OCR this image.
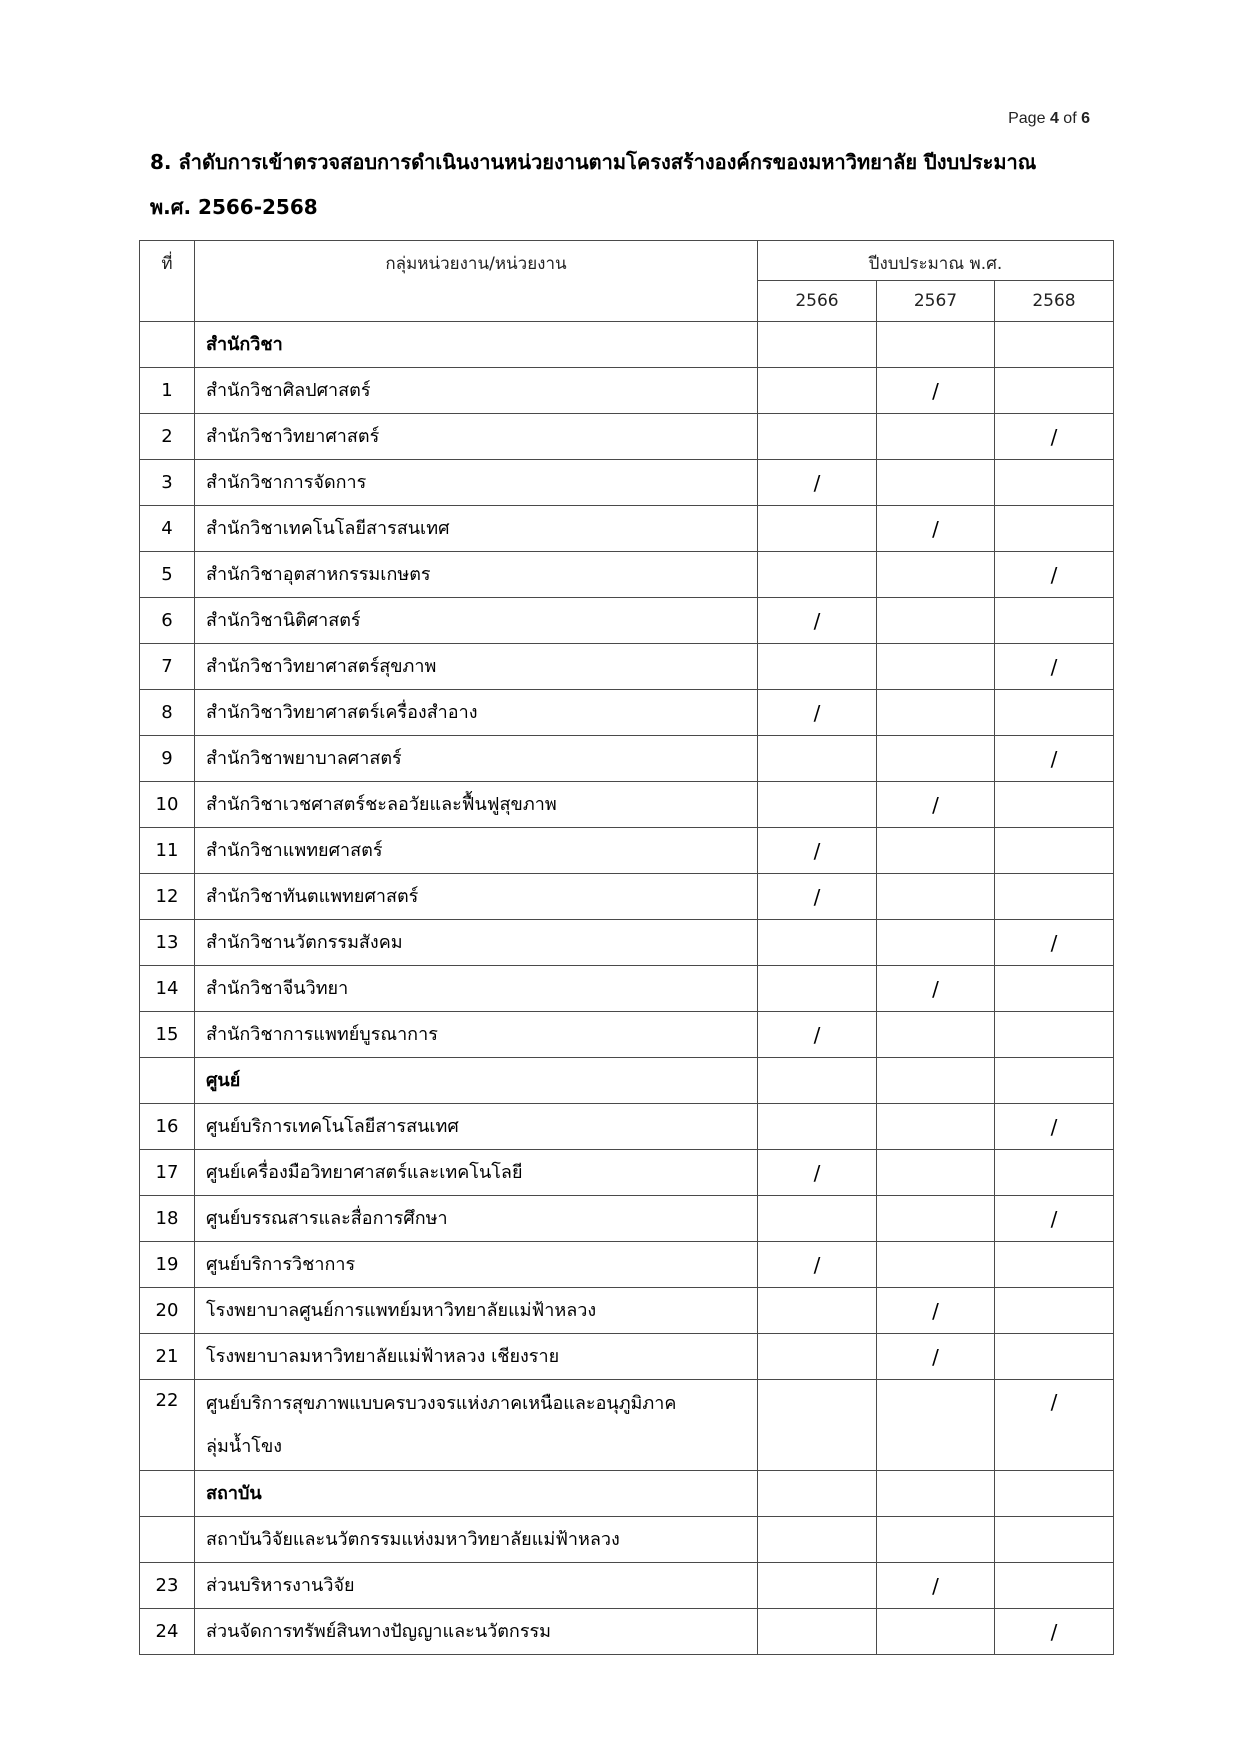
Page 4 of 6
8. ลำดับการเข้าตรวจสอบการดำเนินงานหน่วยงานตามโครงสร้างองค์กรของมหาวิทยาลัย ปีงบประมาณ
พ.ศ. 2566-2568
ที่	กลุ่มหน่วยงาน/หน่วยงาน	ปีงบประมาณ พ.ศ.		
		2566	2567	2568
	สำนักวิชา			
1	สำนักวิชาศิลปศาสตร์		/	
2	สำนักวิชาวิทยาศาสตร์			/
3	สำนักวิชาการจัดการ	/		
4	สำนักวิชาเทคโนโลยีสารสนเทศ		/	
5	สำนักวิชาอุตสาหกรรมเกษตร			/
6	สำนักวิชานิติศาสตร์	/		
7	สำนักวิชาวิทยาศาสตร์สุขภาพ			/
8	สำนักวิชาวิทยาศาสตร์เครื่องสำอาง	/		
9	สำนักวิชาพยาบาลศาสตร์			/
10	สำนักวิชาเวชศาสตร์ชะลอวัยและฟื้นฟูสุขภาพ		/	
11	สำนักวิชาแพทยศาสตร์	/		
12	สำนักวิชาทันตแพทยศาสตร์	/		
13	สำนักวิชานวัตกรรมสังคม			/
14	สำนักวิชาจีนวิทยา		/	
15	สำนักวิชาการแพทย์บูรณาการ	/		
	ศูนย์			
16	ศูนย์บริการเทคโนโลยีสารสนเทศ			/
17	ศูนย์เครื่องมือวิทยาศาสตร์และเทคโนโลยี	/		
18	ศูนย์บรรณสารและสื่อการศึกษา			/
19	ศูนย์บริการวิชาการ	/		
20	โรงพยาบาลศูนย์การแพทย์มหาวิทยาลัยแม่ฟ้าหลวง		/	
21	โรงพยาบาลมหาวิทยาลัยแม่ฟ้าหลวง เชียงราย		/	
22	ศูนย์บริการสุขภาพแบบครบวงจรแห่งภาคเหนือและอนุภูมิภาค
ลุ่มน้ำโขง			/
	สถาบัน			
	สถาบันวิจัยและนวัตกรรมแห่งมหาวิทยาลัยแม่ฟ้าหลวง			
23	ส่วนบริหารงานวิจัย		/	
24	ส่วนจัดการทรัพย์สินทางปัญญาและนวัตกรรม			/
